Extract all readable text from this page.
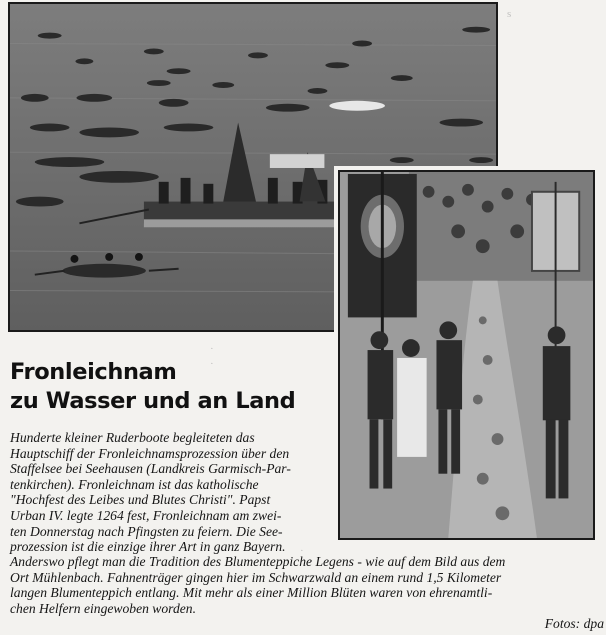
s
·
·
·
Fronleichnam
zu Wasser und an Land
Hunderte kleiner Ruderboote begleiteten das
Hauptschiff der Fronleichnamsprozession über den
Staffelsee bei Seehausen (Landkreis Garmisch-Par-
tenkirchen). Fronleichnam ist das katholische
"Hochfest des Leibes und Blutes Christi". Papst
Urban IV. legte 1264 fest, Fronleichnam am zwei-
ten Donnerstag nach Pfingsten zu feiern. Die See-
prozession ist die einzige ihrer Art in ganz Bayern.
Anderswo pflegt man die Tradition des Blumenteppiche Legens - wie auf dem Bild aus dem
Ort Mühlenbach. Fahnenträger gingen hier im Schwarzwald an einem rund 1,5 Kilometer
langen Blumenteppich entlang. Mit mehr als einer Million Blüten waren von ehrenamtli-
chen Helfern eingewoben worden.
Fotos: dpa
